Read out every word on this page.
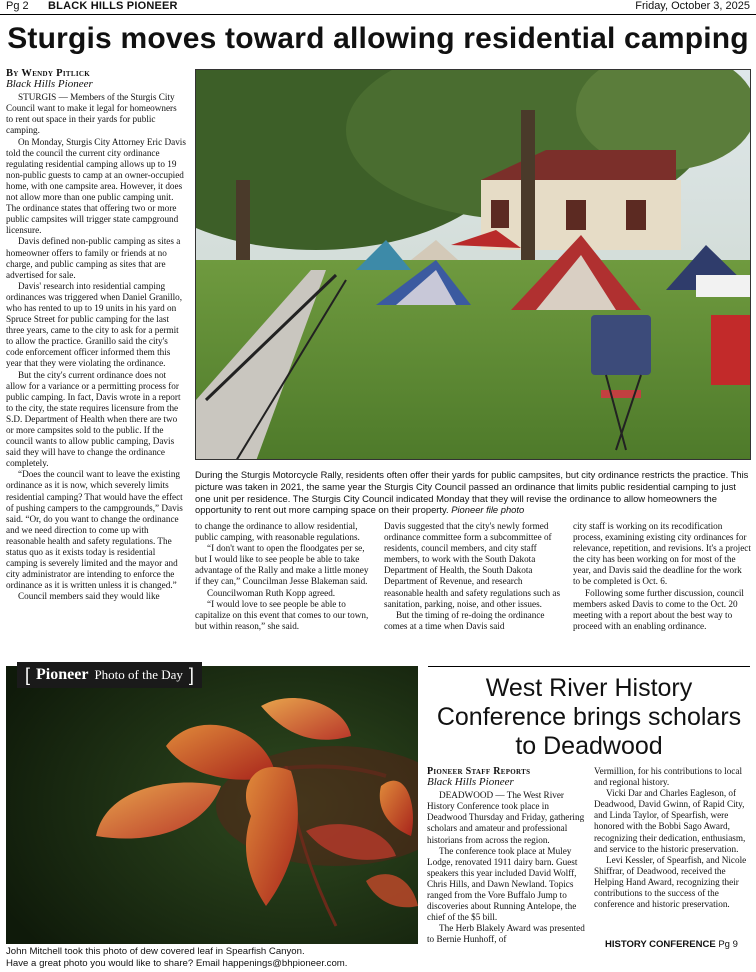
Pg 2 BLACK HILLS PIONEER	Friday, October 3, 2025
Sturgis moves toward allowing residential camping
By Wendy Pitlick
Black Hills Pioneer

STURGIS — Members of the Sturgis City Council want to make it legal for homeowners to rent out space in their yards for public camping.

On Monday, Sturgis City Attorney Eric Davis told the council the current city ordinance regulating residential camping allows up to 19 non-public guests to camp at an owner-occupied home, with one campsite area. However, it does not allow more than one public camping unit. The ordinance states that offering two or more public campsites will trigger state campground licensure.

Davis defined non-public camping as sites a homeowner offers to family or friends at no charge, and public camping as sites that are advertised for sale.

Davis' research into residential camping ordinances was triggered when Daniel Granillo, who has rented to up to 19 units in his yard on Spruce Street for public camping for the last three years, came to the city to ask for a permit to allow the practice. Granillo said the city's code enforcement officer informed them this year that they were violating the ordinance.

But the city's current ordinance does not allow for a variance or a permitting process for public camping. In fact, Davis wrote in a report to the city, the state requires licensure from the S.D. Department of Health when there are two or more campsites sold to the public. If the council wants to allow public camping, Davis said they will have to change the ordinance completely.

“Does the council want to leave the existing ordinance as it is now, which severely limits residential camping? That would have the effect of pushing campers to the campgrounds,” Davis said. “Or, do you want to change the ordinance and we need direction to come up with reasonable health and safety regulations. The status quo as it exists today is residential camping is severely limited and the mayor and city administrator are intending to enforce the ordinance as it is written unless it is changed.”

Council members said they would like

During the Sturgis Motorcycle Rally, residents often offer their yards for public campsites, but city ordinance restricts the practice. This picture was taken in 2021, the same year the Sturgis City Council passed an ordinance that limits public residential camping to just one unit per residence. The Sturgis City Council indicated Monday that they will revise the ordinance to allow homeowners the opportunity to rent out more camping space on their property. Pioneer file photo

to change the ordinance to allow residential, public camping, with reasonable regulations.

“I don't want to open the floodgates per se, but I would like to see people be able to take advantage of the Rally and make a little money if they can,” Councilman Jesse Blakeman said.

Councilwoman Ruth Kopp agreed.

“I would love to see people be able to capitalize on this event that comes to our town, but within reason,” she said.

Davis suggested that the city's newly formed ordinance committee form a subcommittee of residents, council members, and city staff members, to work with the South Dakota Department of Health, the South Dakota Department of Revenue, and research reasonable health and safety regulations such as sanitation, parking, noise, and other issues.

But the timing of re-doing the ordinance comes at a time when Davis said

city staff is working on its recodification process, examining existing city ordinances for relevance, repetition, and revisions. It's a project the city has been working on for most of the year, and Davis said the deadline for the work to be completed is Oct. 6.

Following some further discussion, council members asked Davis to come to the Oct. 20 meeting with a report about the best way to proceed with an enabling ordinance.

[ Pioneer Photo of the Day ]
John Mitchell took this photo of dew covered leaf in Spearfish Canyon.
Have a great photo you would like to share? Email happenings@bhpioneer.com.
West River History Conference brings scholars to Deadwood
Pioneer Staff Reports
Black Hills Pioneer

DEADWOOD — The West River History Conference took place in Deadwood Thursday and Friday, gathering scholars and amateur and professional historians from across the region.

The conference took place at Muley Lodge, renovated 1911 dairy barn. Guest speakers this year included David Wolff, Chris Hills, and Dawn Newland. Topics ranged from the Vore Buffalo Jump to discoveries about Running Antelope, the chief of the $5 bill.

The Herb Blakely Award was presented to Bernie Hunhoff, of

Vermillion, for his contributions to local and regional history.

Vicki Dar and Charles Eagleson, of Deadwood, David Gwinn, of Rapid City, and Linda Taylor, of Spearfish, were honored with the Bobbi Sago Award, recognizing their dedication, enthusiasm, and service to the historic preservation.

Levi Kessler, of Spearfish, and Nicole Shiffrar, of Deadwood, received the Helping Hand Award, recognizing their contributions to the success of the conference and historic preservation.

HISTORY CONFERENCE Pg 9
